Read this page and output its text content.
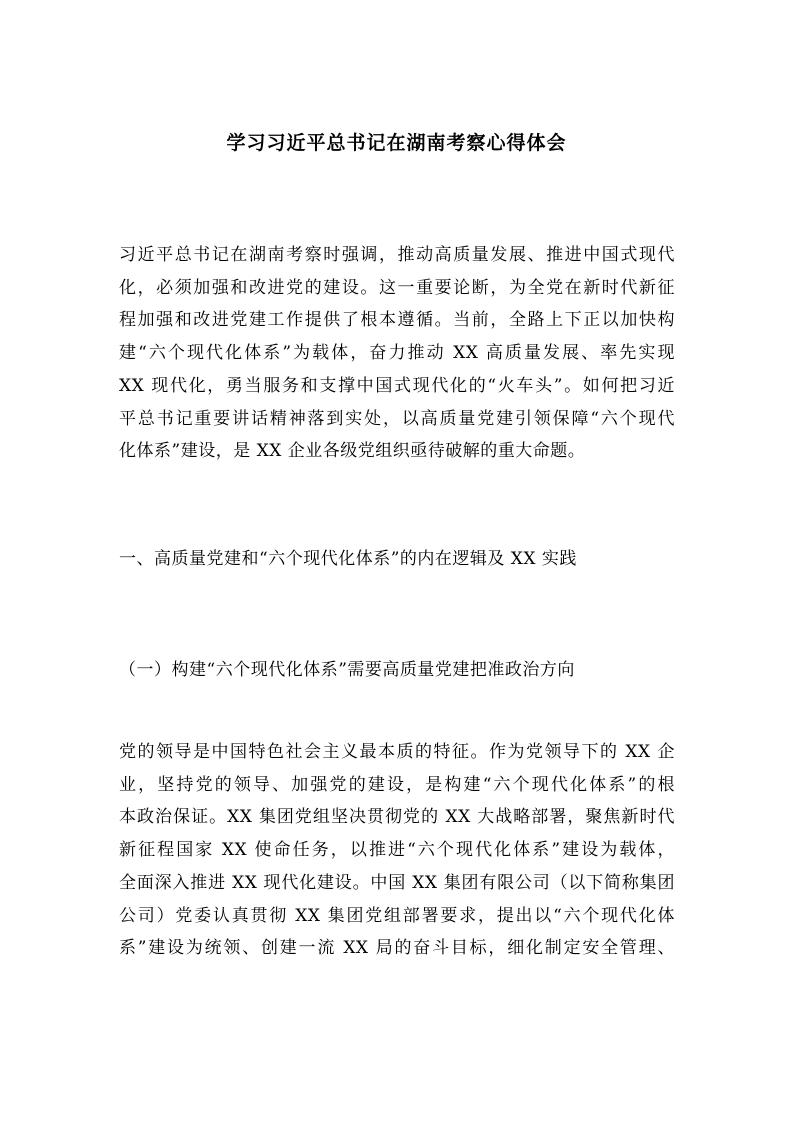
学习习近平总书记在湖南考察心得体会
习近平总书记在湖南考察时强调，推动高质量发展、推进中国式现代
化，必须加强和改进党的建设。这一重要论断，为全党在新时代新征
程加强和改进党建工作提供了根本遵循。当前，全路上下正以加快构
建“六个现代化体系”为载体，奋力推动 XX 高质量发展、率先实现
XX 现代化，勇当服务和支撑中国式现代化的“火车头”。如何把习近
平总书记重要讲话精神落到实处，以高质量党建引领保障“六个现代
化体系”建设，是 XX 企业各级党组织亟待破解的重大命题。
一、高质量党建和“六个现代化体系”的内在逻辑及 XX 实践
（一）构建“六个现代化体系”需要高质量党建把准政治方向
党的领导是中国特色社会主义最本质的特征。作为党领导下的 XX 企
业，坚持党的领导、加强党的建设，是构建“六个现代化体系”的根
本政治保证。XX 集团党组坚决贯彻党的 XX 大战略部署，聚焦新时代
新征程国家 XX 使命任务，以推进“六个现代化体系”建设为载体，
全面深入推进 XX 现代化建设。中国 XX 集团有限公司（以下简称集团
公司）党委认真贯彻 XX 集团党组部署要求，提出以“六个现代化体
系”建设为统领、创建一流 XX 局的奋斗目标，细化制定安全管理、
